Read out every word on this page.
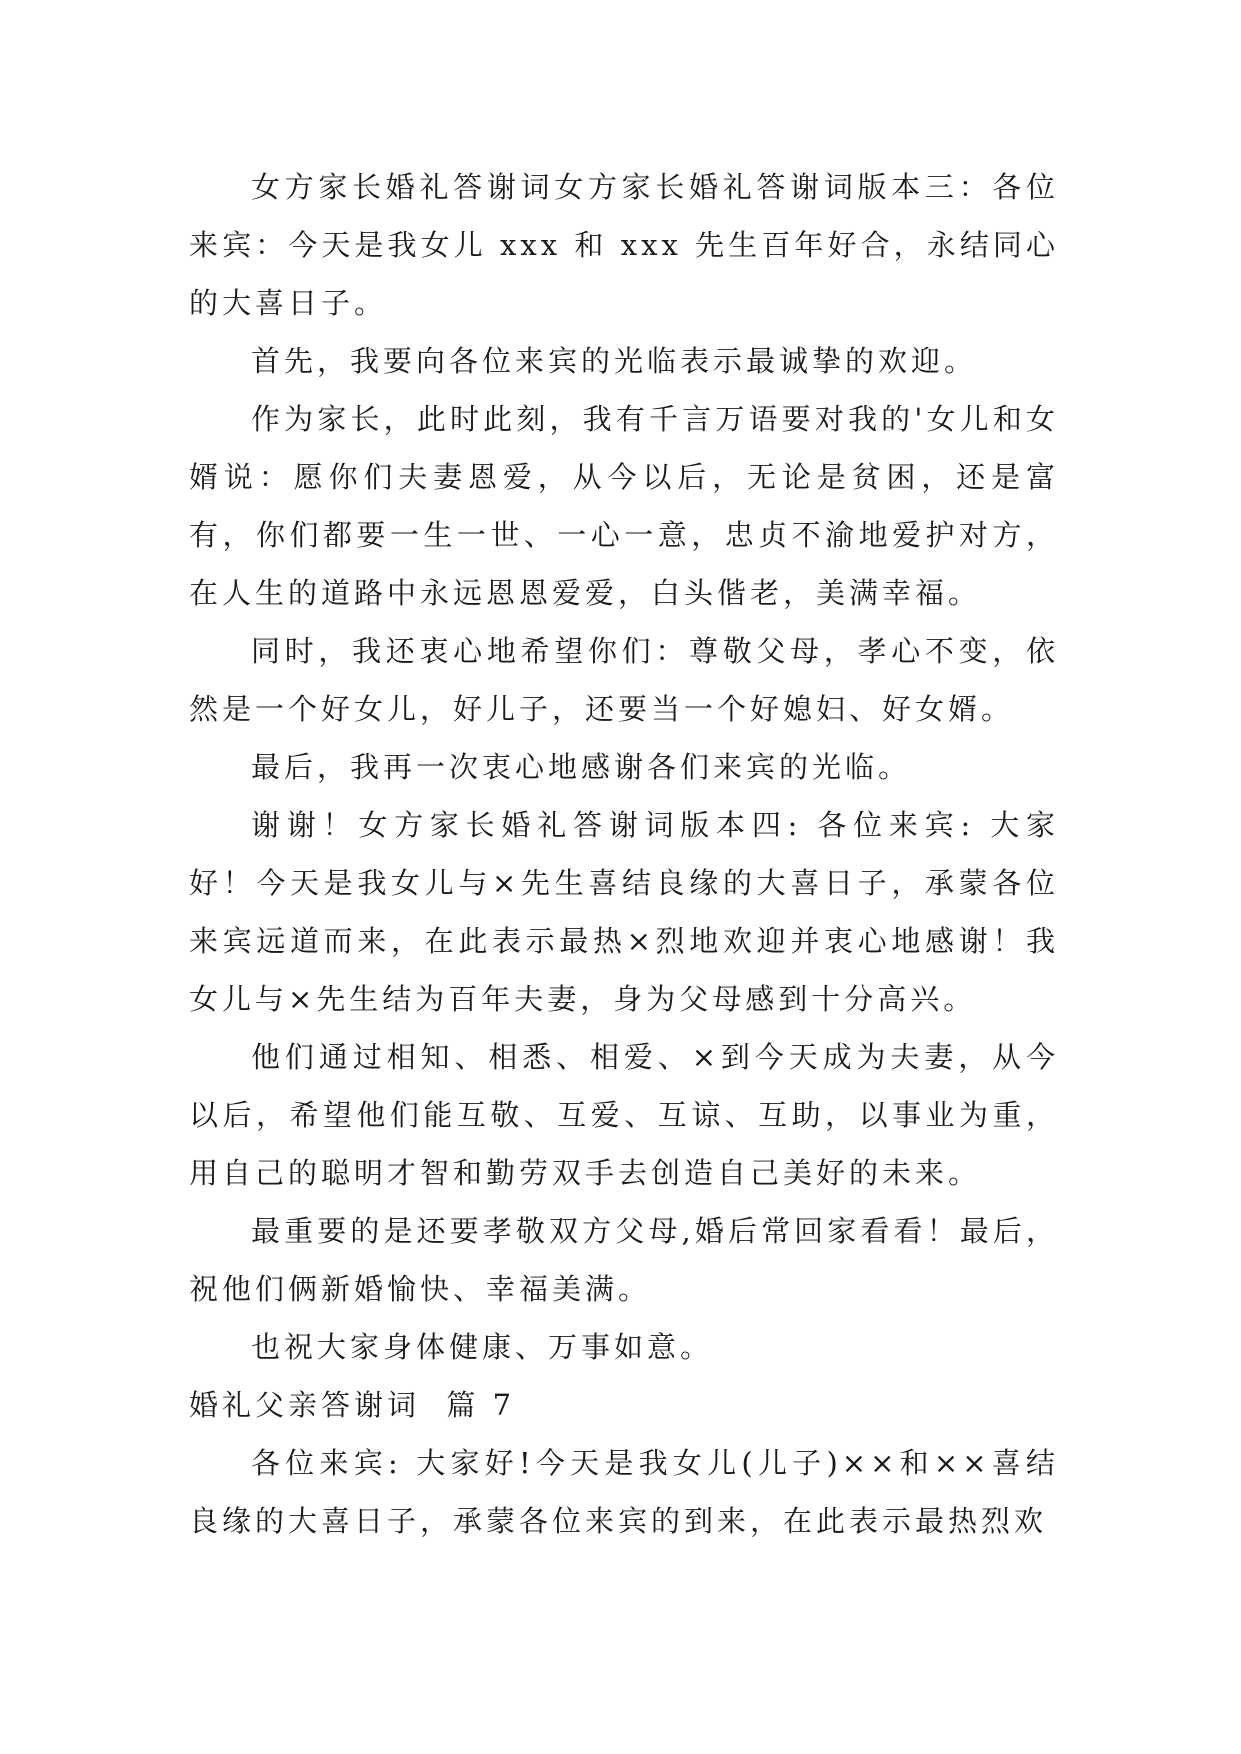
女方家长婚礼答谢词女方家长婚礼答谢词版本三：各位来宾：今天是我女儿 xxx 和 xxx 先生百年好合，永结同心的大喜日子。

首先，我要向各位来宾的光临表示最诚挚的欢迎。

作为家长，此时此刻，我有千言万语要对我的'女儿和女婿说：愿你们夫妻恩爱，从今以后，无论是贫困，还是富有，你们都要一生一世、一心一意，忠贞不渝地爱护对方，在人生的道路中永远恩恩爱爱，白头偕老，美满幸福。

同时，我还衷心地希望你们：尊敬父母，孝心不变，依然是一个好女儿，好儿子，还要当一个好媳妇、好女婿。

最后，我再一次衷心地感谢各们来宾的光临。

谢谢！女方家长婚礼答谢词版本四: 各位来宾: 大家好！今天是我女儿与×先生喜结良缘的大喜日子，承蒙各位来宾远道而来，在此表示最热×烈地欢迎并衷心地感谢！我女儿与×先生结为百年夫妻，身为父母感到十分高兴。

他们通过相知、相悉、相爱、×到今天成为夫妻，从今以后，希望他们能互敬、互爱、互谅、互助，以事业为重，用自己的聪明才智和勤劳双手去创造自己美好的未来。

最重要的是还要孝敬双方父母,婚后常回家看看！最后，祝他们俩新婚愉快、幸福美满。

也祝大家身体健康、万事如意。

婚礼父亲答谢词  篇 7

各位来宾: 大家好!今天是我女儿(儿子)××和××喜结良缘的大喜日子，承蒙各位来宾的到来，在此表示最热烈欢
